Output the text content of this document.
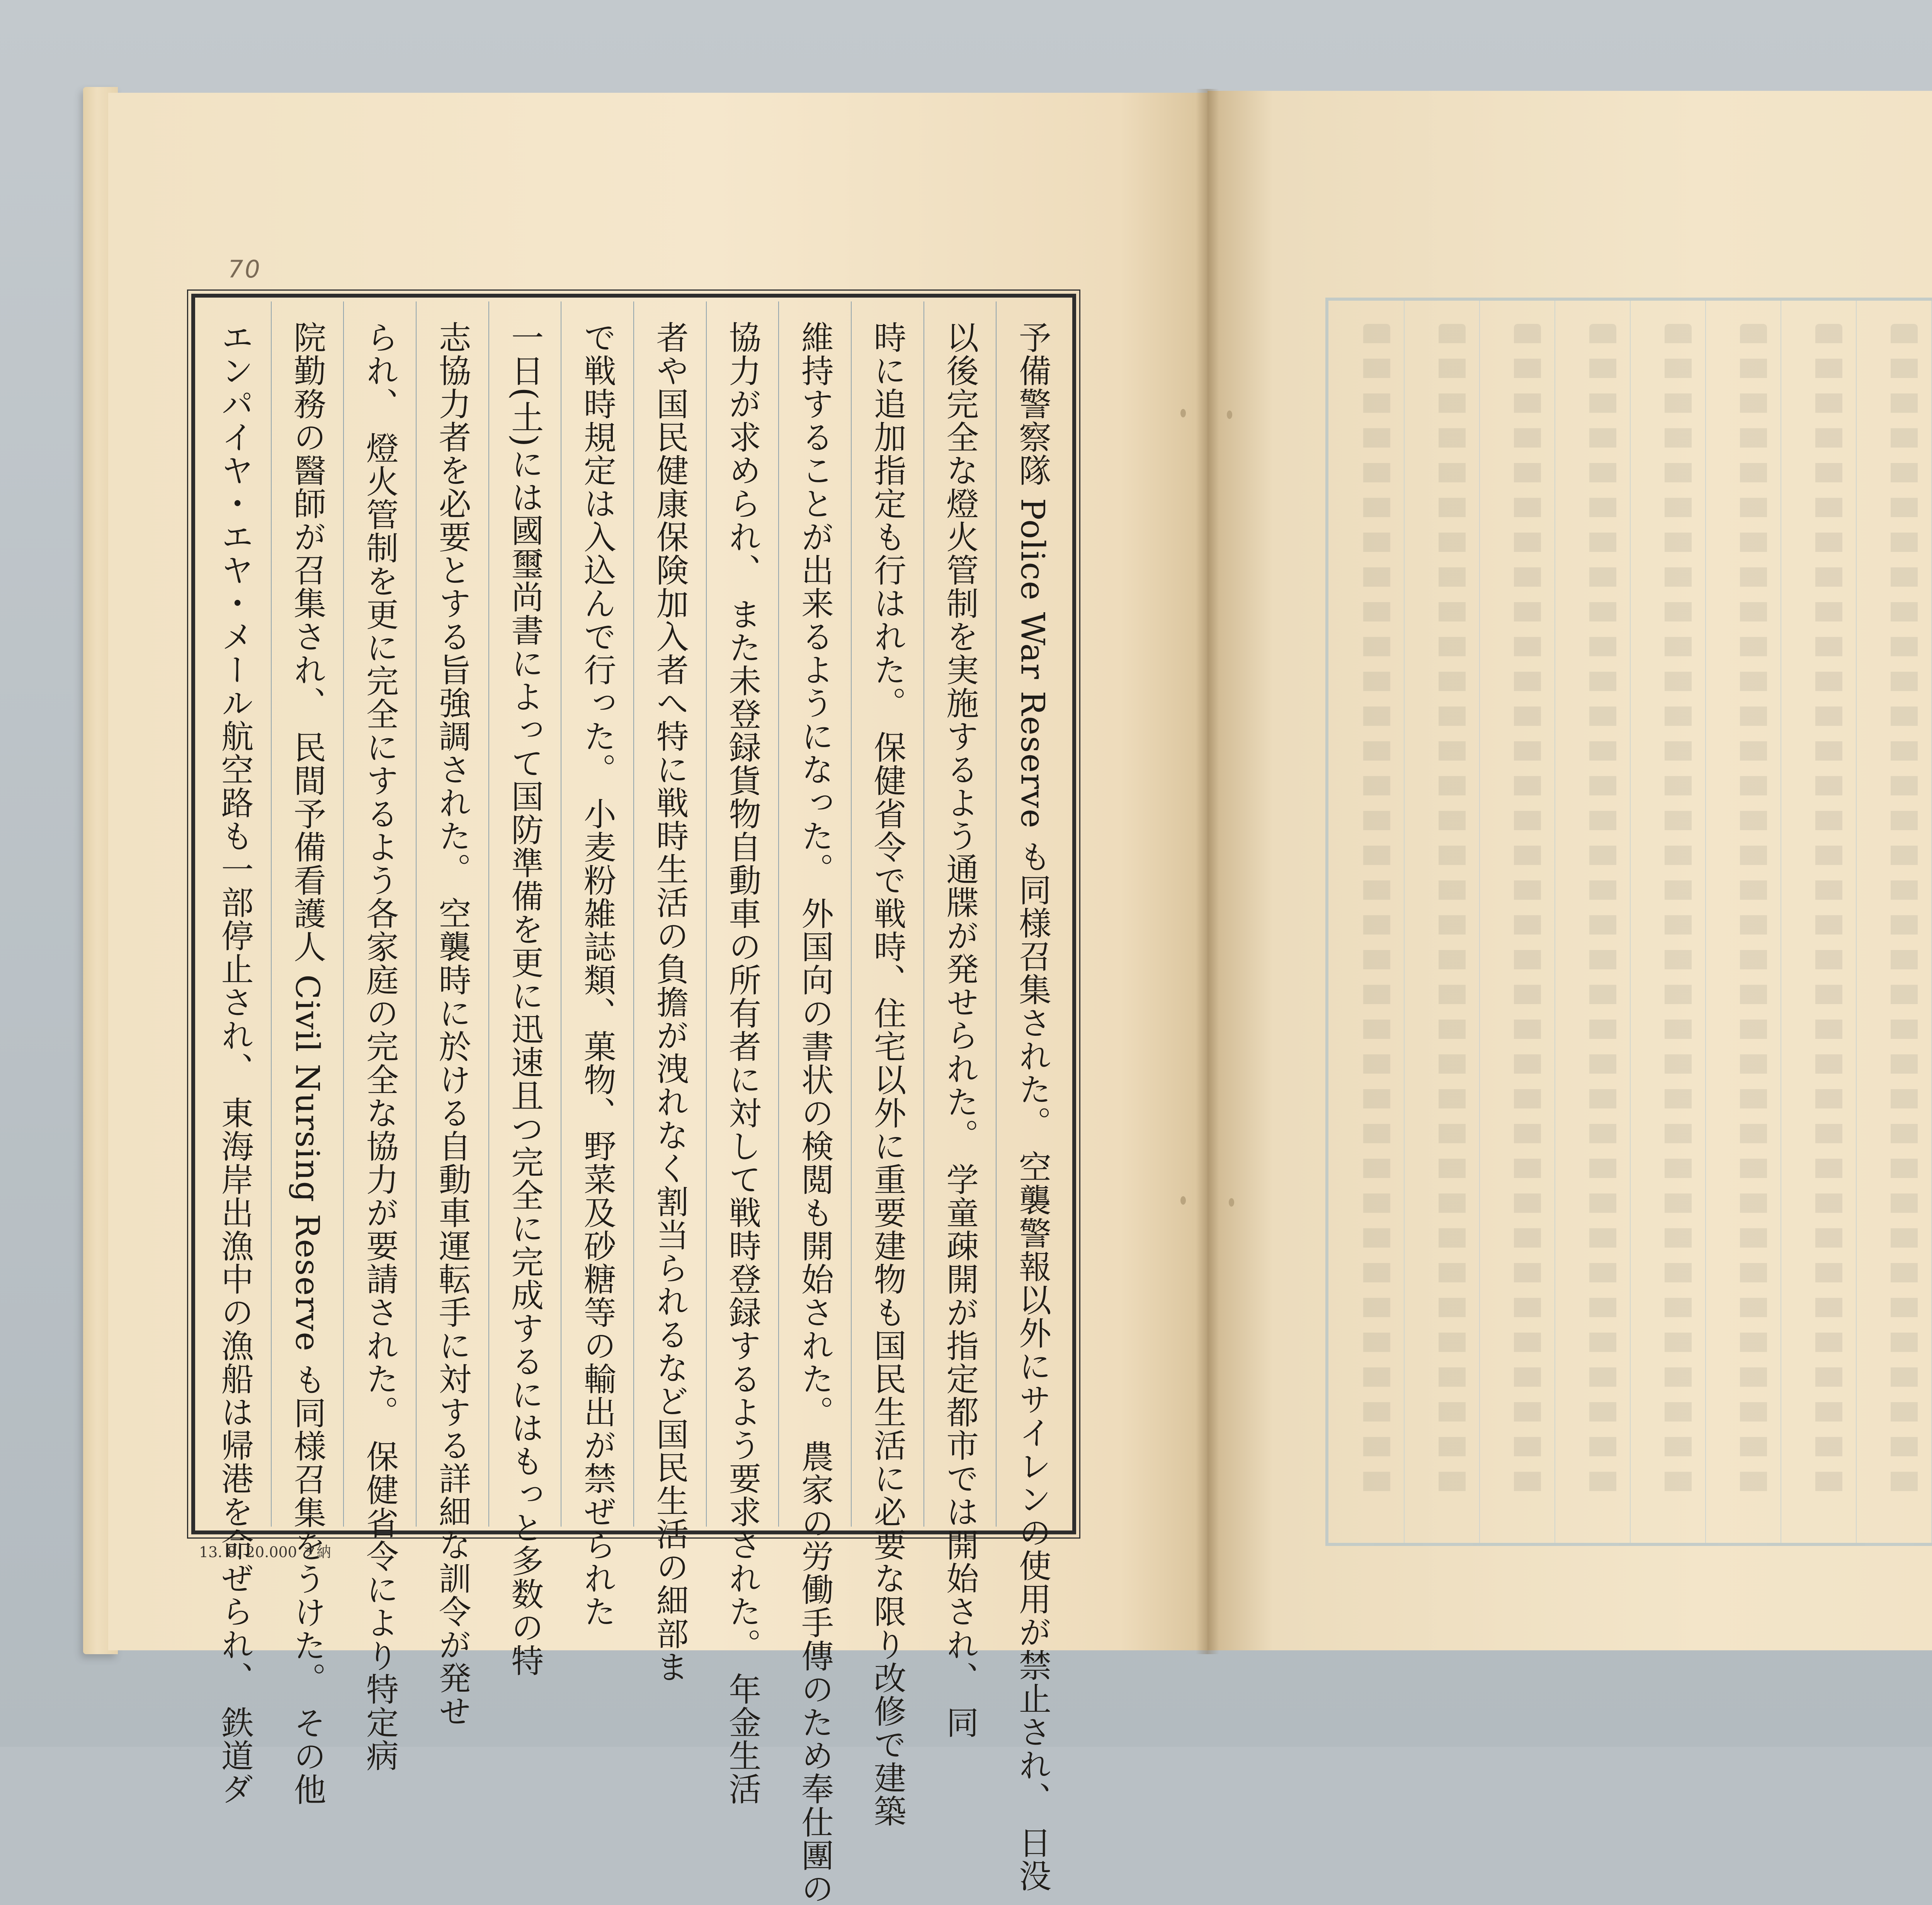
70
予備警察隊 Police War Reserve も同様召集された。 空襲警報以外にサイレンの使用が禁止され、 日没
以後完全な燈火管制を実施するよう通牒が発せられた。 学童疎開が指定都市では開始され、 同
時に追加指定も行はれた。 保健省令で戦時、住宅以外に重要建物も国民生活に必要な限り改修で建築
維持することが出来るようになった。 外国向の書状の検閲も開始された。 農家の労働手傳のため奉仕團の
協力が求められ、 また未登録貨物自動車の所有者に対して戦時登録するよう要求された。 年金生活
者や国民健康保険加入者へ特に戦時生活の負擔が洩れなく割当られるなど国民生活の細部ま
で戦時規定は入込んで行った。 小麦粉雑誌類、菓物、野菜及砂糖等の輸出が禁ぜられた
一日(土)には國璽尚書によって国防準備を更に迅速且つ完全に完成するにはもっと多数の特
志協力者を必要とする旨強調された。 空襲時に於ける自動車運転手に対する詳細な訓令が発せ
られ、 燈火管制を更に完全にするよう各家庭の完全な協力が要請された。 保健省令により特定病
院勤務の醫師が召集され、 民間予備看護人 Civil Nursing Reserve も同様召集をうけた。 その他
エンパイヤ・エヤ・メール航空路も一部停止され、 東海岸出漁中の漁船は帰港を命ぜられ、 鉄道ダ
13. 8. 20.000 ヲ納
